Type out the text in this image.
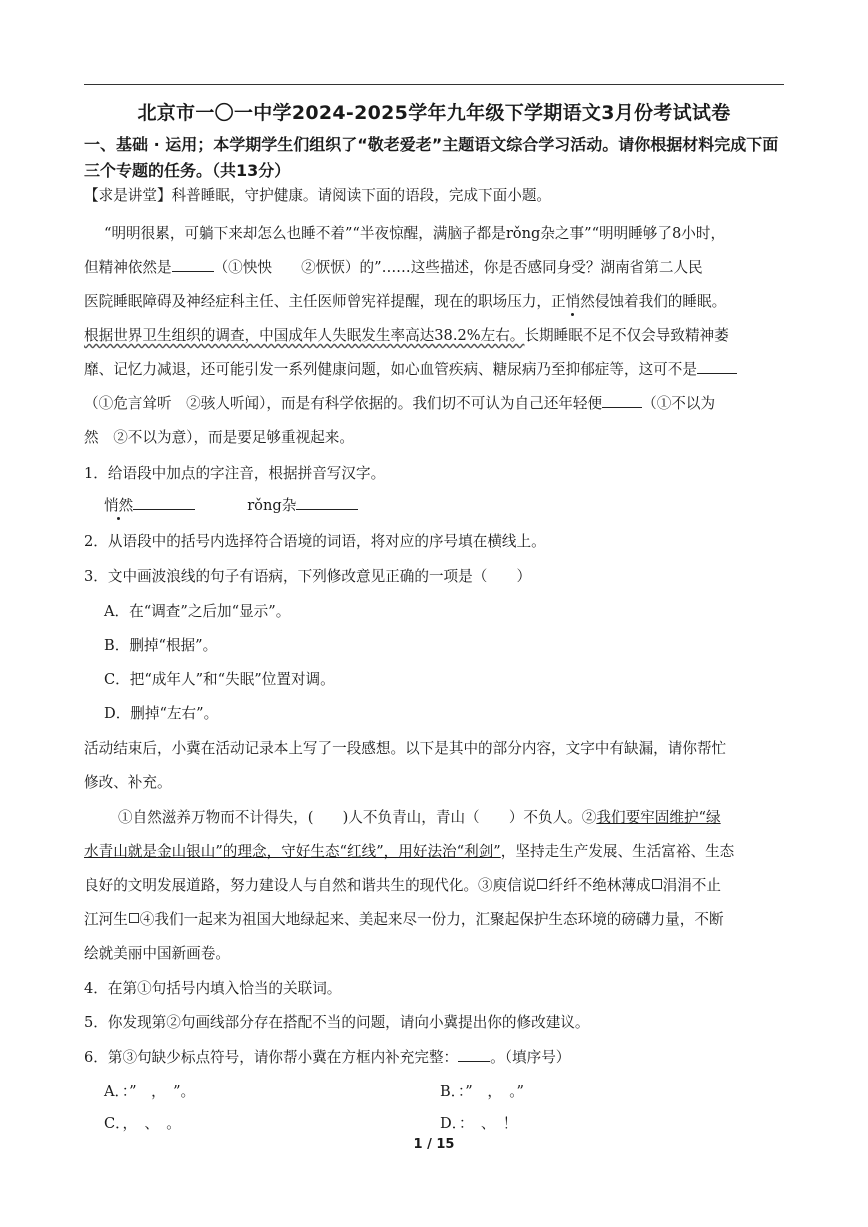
北京市一〇一中学2024-2025学年九年级下学期语文3月份考试试卷
一、基础 · 运用；本学期学生们组织了“敬老爱老”主题语文综合学习活动。请你根据材料完成下面三个专题的任务。（共13分）
【求是讲堂】科普睡眠，守护健康。请阅读下面的语段，完成下面小题。
“明明很累，可躺下来却怎么也睡不着”“半夜惊醒，满脑子都是rǒng杂之事”“明明睡够了8小时，
但精神依然是	（①怏怏　　②恹恹）的”……这些描述，你是否感同身受？湖南省第二人民
医院睡眠障碍及神经症科主任、主任医师曾宪祥提醒，现在的职场压力，正悄然侵蚀着我们的睡眠。
根据世界卫生组织的调查，中国成年人失眠发生率高达38.2%左右。长期睡眠不足不仅会导致精神萎
靡、记忆力减退，还可能引发一系列健康问题，如心血管疾病、糖尿病乃至抑郁症等，这可不是
（①危言耸听　②骇人听闻），而是有科学依据的。我们切不可认为自己还年轻便	（①不以为
然　②不以为意），而是要足够重视起来。
1．给语段中加点的字注音，根据拼音写汉字。
悄然	rǒng杂
2．从语段中的括号内选择符合语境的词语，将对应的序号填在横线上。
3．文中画波浪线的句子有语病，下列修改意见正确的一项是（　　）
A．在“调查”之后加“显示”。
B．删掉“根据”。
C．把“成年人”和“失眠”位置对调。
D．删掉“左右”。
活动结束后，小冀在活动记录本上写了一段感想。以下是其中的部分内容，文字中有缺漏，请你帮忙
修改、补充。
①自然滋养万物而不计得失，(　　)人不负青山，青山（　　）不负人。②我们要牢固维护“绿
水青山就是金山银山”的理念，守好生态“红线”，用好法治“利剑”，坚持走生产发展、生活富裕、生态
良好的文明发展道路，努力建设人与自然和谐共生的现代化。③庾信说 纤纤不绝林薄成 涓涓不止
江河生 ④我们一起来为祖国大地绿起来、美起来尽一份力，汇聚起保护生态环境的磅礴力量，不断
绘就美丽中国新画卷。
4．在第①句括号内填入恰当的关联词。
5．你发现第②句画线部分存在搭配不当的问题，请向小冀提出你的修改建议。
6．第③句缺少标点符号，请你帮小冀在方框内补充完整： 。（填序号）
A．：”　，　”。	B．：”　，　。”
C．，　、　。	D．：　、　！
1 / 15
